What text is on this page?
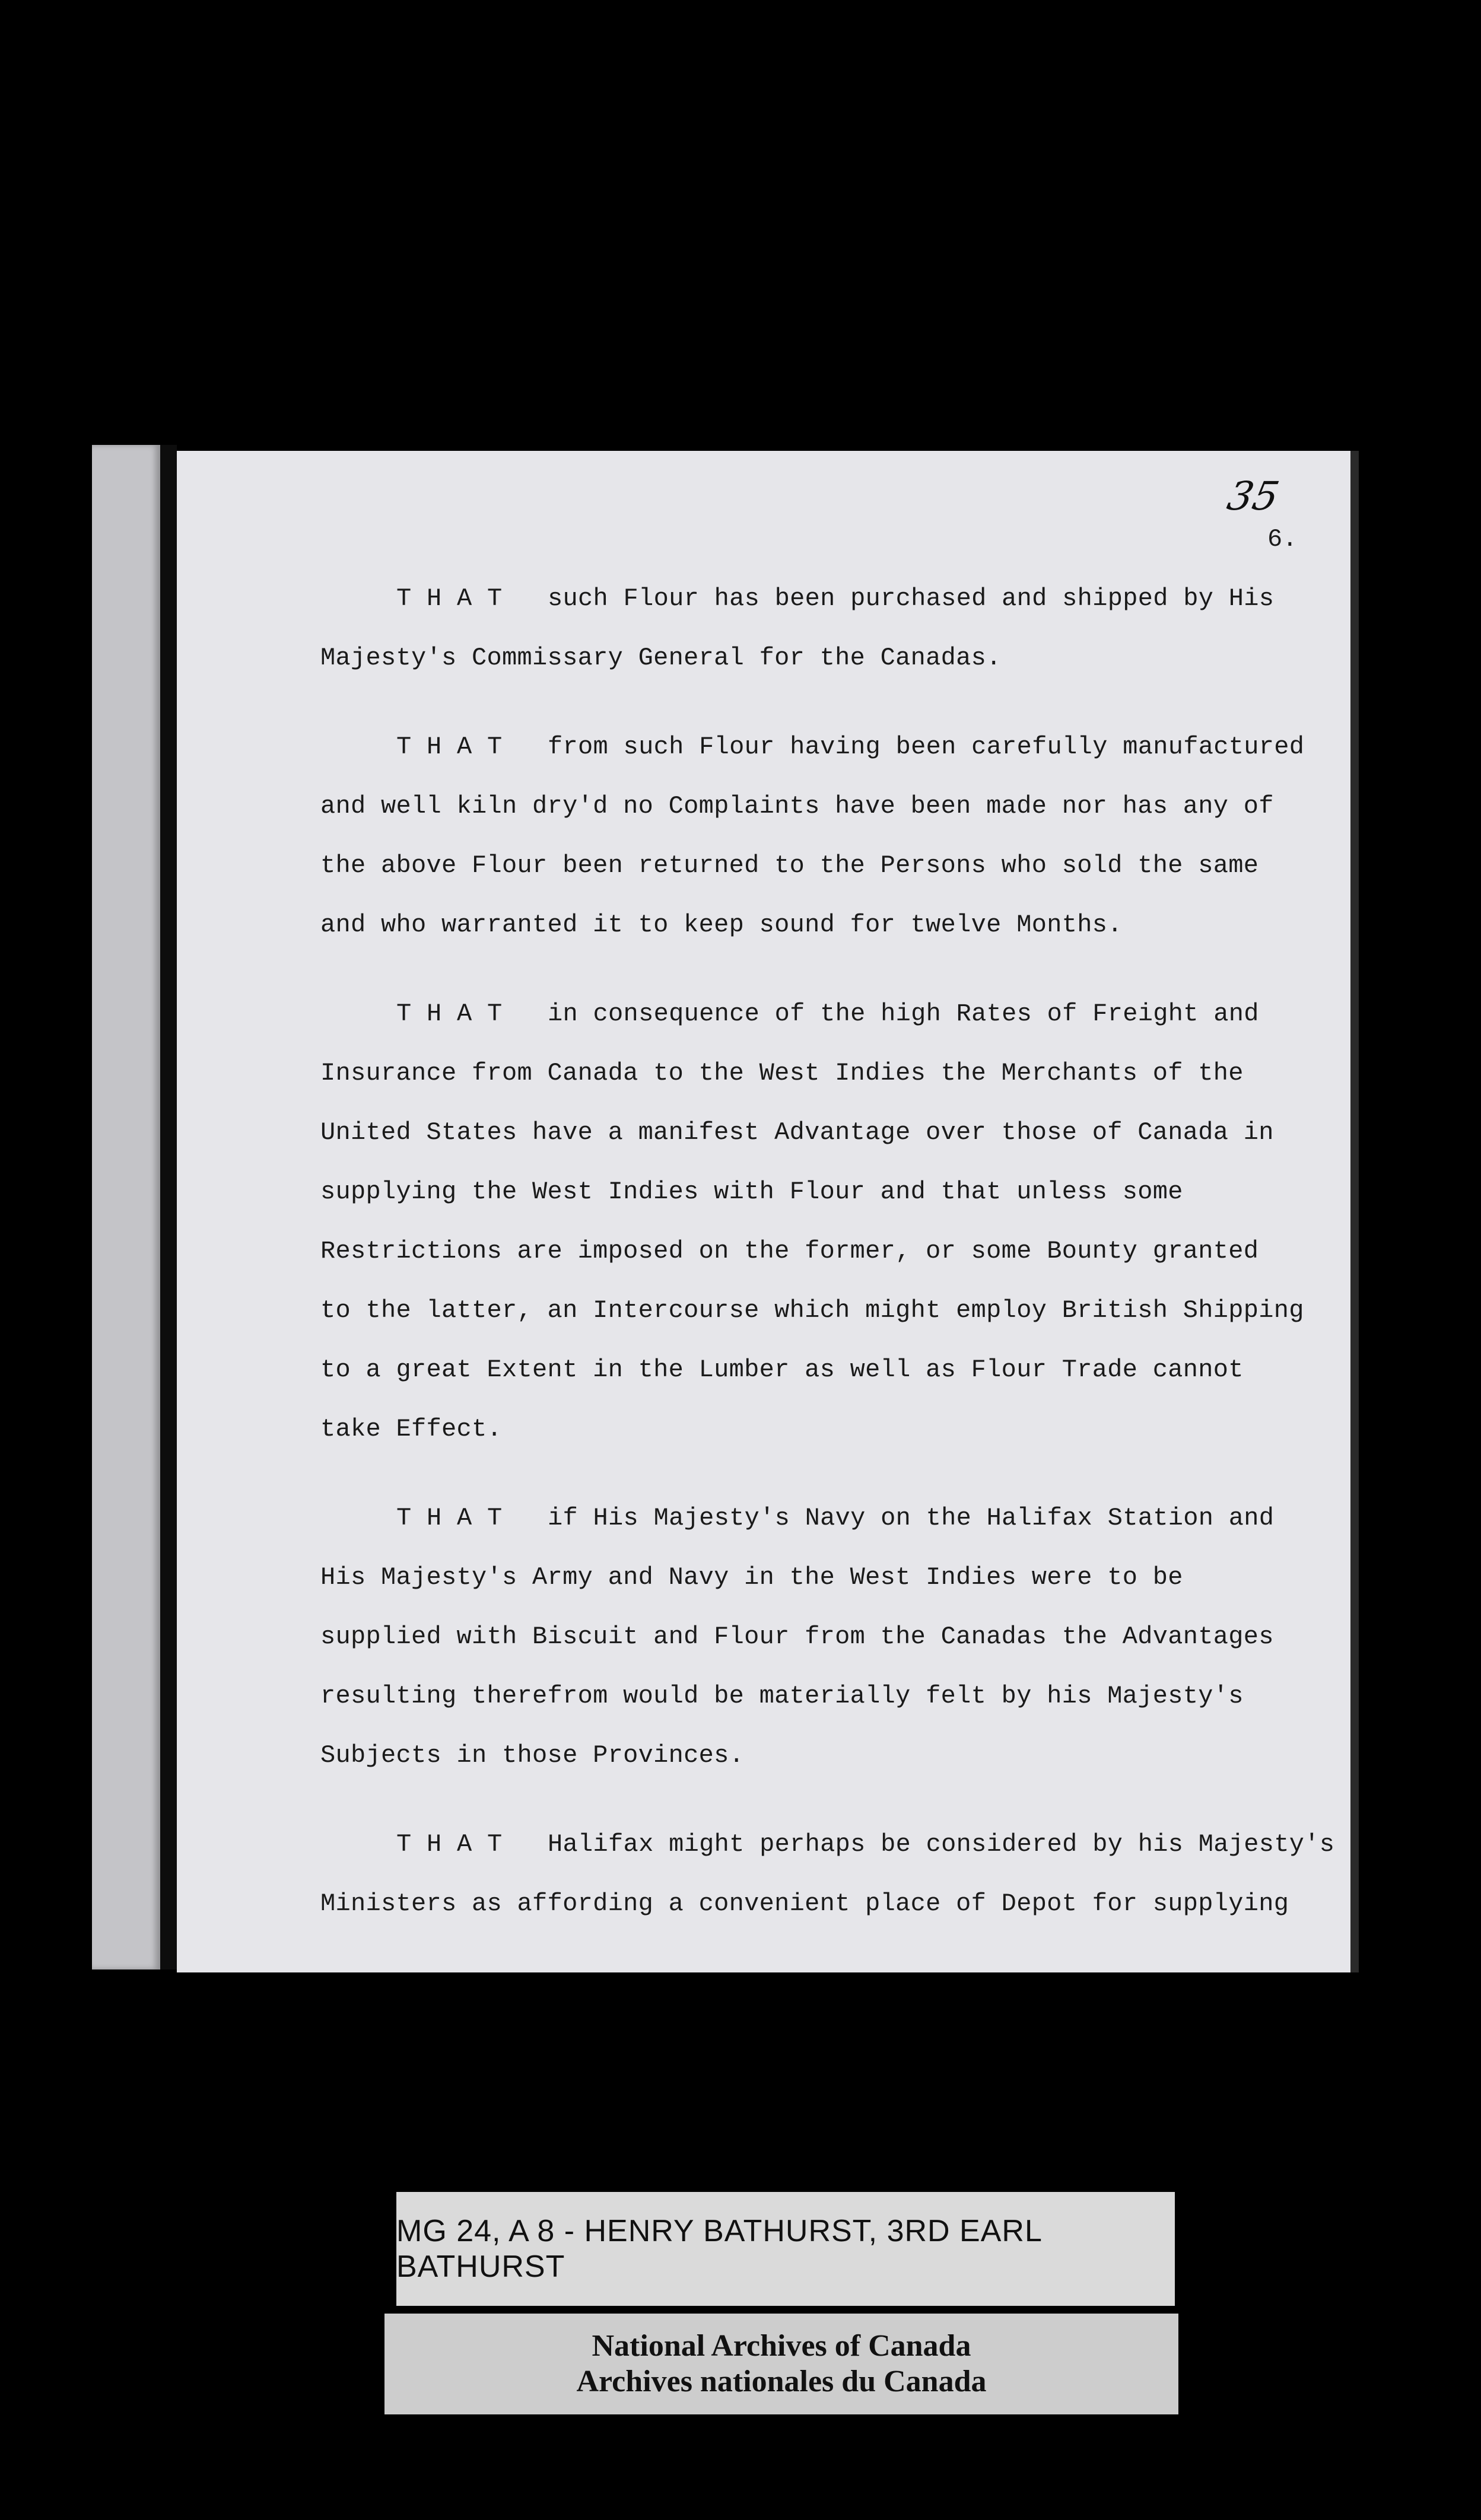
35
6.
T H A T   such Flour has been purchased and shipped by His
Majesty's Commissary General for the Canadas.
T H A T   from such Flour having been carefully manufactured
and well kiln dry'd no Complaints have been made nor has any of
the above Flour been returned to the Persons who sold the same
and who warranted it to keep sound for twelve Months.
T H A T   in consequence of the high Rates of Freight and
Insurance from Canada to the West Indies the Merchants of the
United States have a manifest Advantage over those of Canada in
supplying the West Indies with Flour and that unless some
Restrictions are imposed on the former, or some Bounty granted
to the latter, an Intercourse which might employ British Shipping
to a great Extent in the Lumber as well as Flour Trade cannot
take Effect.
T H A T   if His Majesty's Navy on the Halifax Station and
His Majesty's Army and Navy in the West Indies were to be
supplied with Biscuit and Flour from the Canadas the Advantages
resulting therefrom would be materially felt by his Majesty's
Subjects in those Provinces.
T H A T   Halifax might perhaps be considered by his Majesty's
Ministers as affording a convenient place of Depot for supplying
MG 24, A 8 - HENRY BATHURST, 3RD EARL BATHURST
National Archives of Canada
Archives nationales du Canada
